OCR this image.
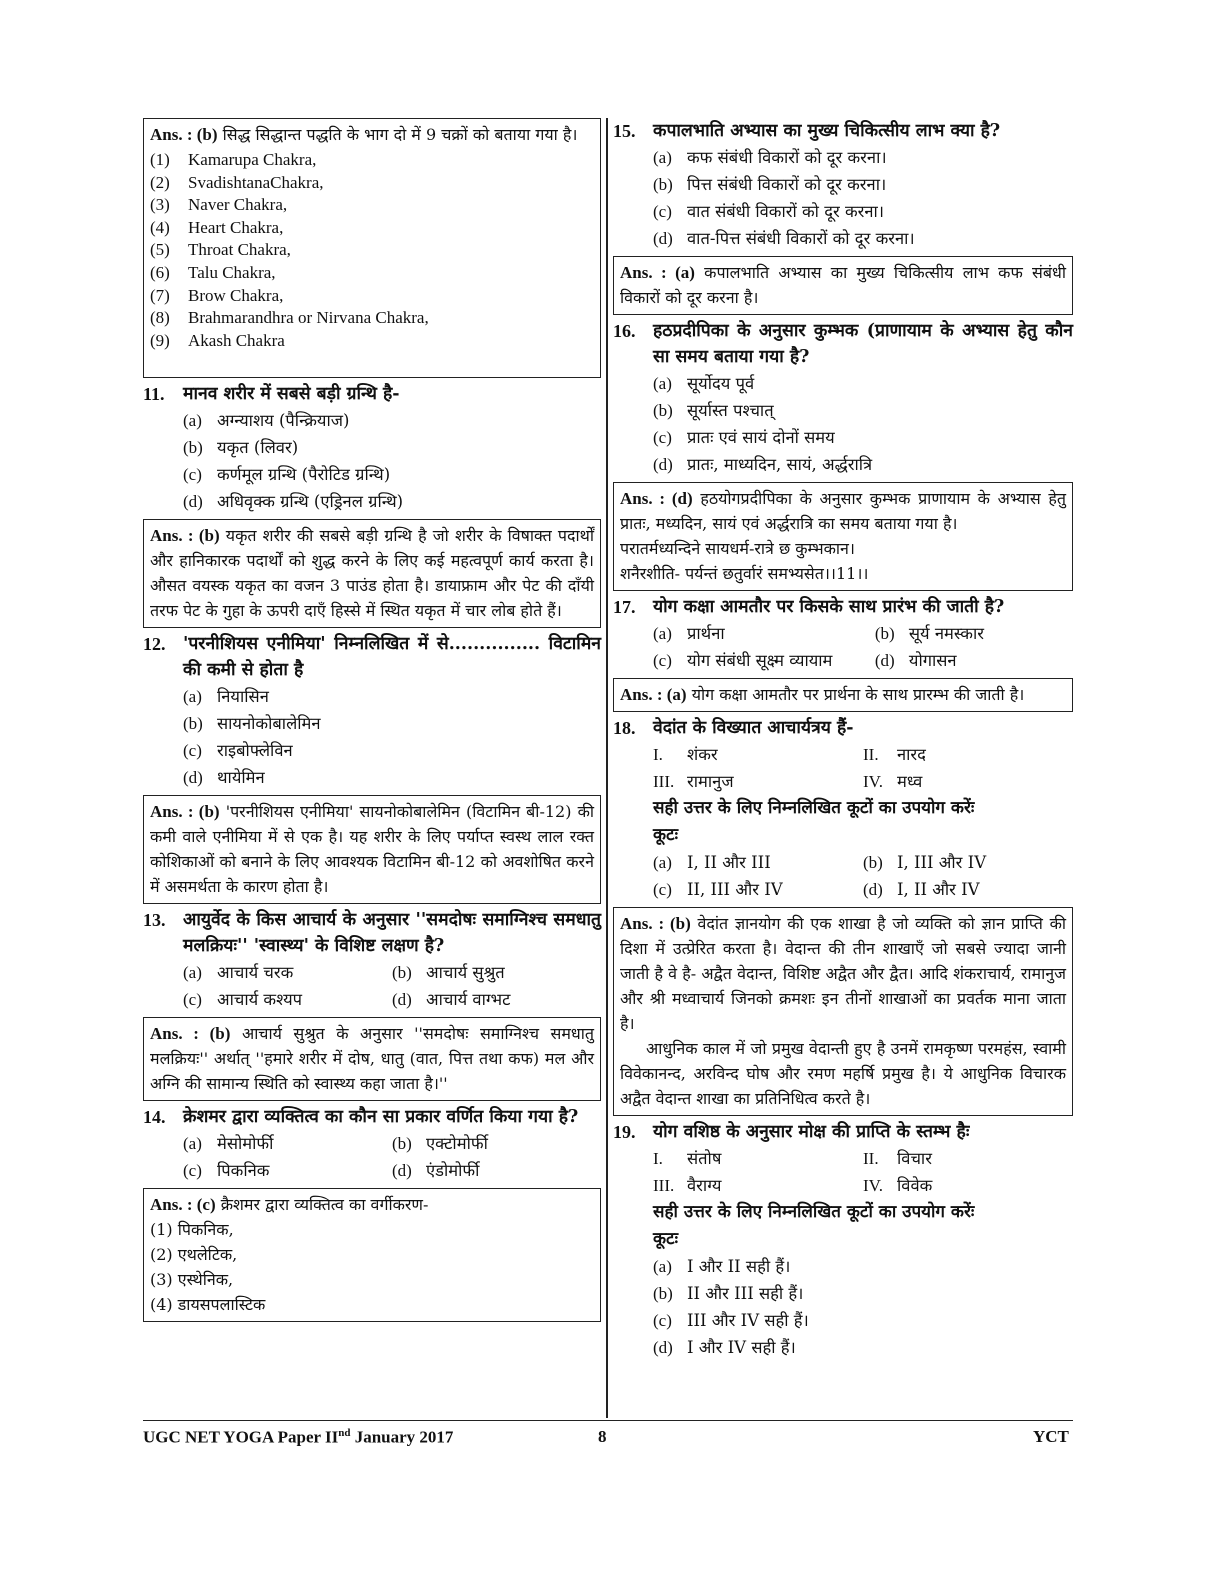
Ans. : (b) सिद्ध सिद्धान्त पद्धति के भाग दो में 9 चक्रों को बताया गया है।
(1)	Kamarupa Chakra,
(2)	SvadishtanaChakra,
(3)	Naver Chakra,
(4)	Heart Chakra,
(5)	Throat Chakra,
(6)	Talu Chakra,
(7)	Brow Chakra,
(8)	Brahmarandhra or Nirvana Chakra,
(9)	Akash Chakra
11.	मानव शरीर में सबसे बड़ी ग्रन्थि है-
(a) अग्न्याशय (पैन्क्रियाज)
(b) यकृत (लिवर)
(c) कर्णमूल ग्रन्थि (पैरोटिड ग्रन्थि)
(d) अधिवृक्क ग्रन्थि (एड्रिनल ग्रन्थि)
Ans. : (b) यकृत शरीर की सबसे बड़ी ग्रन्थि है जो शरीर के विषाक्त पदार्थों और हानिकारक पदार्थों को शुद्ध करने के लिए कई महत्वपूर्ण कार्य करता है। औसत वयस्क यकृत का वजन 3 पाउंड होता है। डायाफ्राम और पेट की दाँयी तरफ पेट के गुहा के ऊपरी दाएँ हिस्से में स्थित यकृत में चार लोब होते हैं।
12.	'परनीशियस एनीमिया' निम्नलिखित में से............... विटामिन की कमी से होता है
(a) नियासिन
(b) सायनोकोबालेमिन
(c) राइबोफ्लेविन
(d) थायेमिन
Ans. : (b) 'परनीशियस एनीमिया' सायनोकोबालेमिन (विटामिन बी-12) की कमी वाले एनीमिया में से एक है। यह शरीर के लिए पर्याप्त स्वस्थ लाल रक्त कोशिकाओं को बनाने के लिए आवश्यक विटामिन बी-12 को अवशोषित करने में असमर्थता के कारण होता है।
13.	आयुर्वेद के किस आचार्य के अनुसार ''समदोषः समाग्निश्च समधातु मलक्रियः'' 'स्वास्थ्य' के विशिष्ट लक्षण है?
(a) आचार्य चरक	(b) आचार्य सुश्रुत
(c) आचार्य कश्यप	(d) आचार्य वाग्भट
Ans. : (b) आचार्य सुश्रुत के अनुसार ''समदोषः समाग्निश्च समधातु मलक्रियः'' अर्थात् ''हमारे शरीर में दोष, धातु (वात, पित्त तथा कफ) मल और अग्नि की सामान्य स्थिति को स्वास्थ्य कहा जाता है।''
14.	क्रेशमर द्वारा व्यक्तित्व का कौन सा प्रकार वर्णित किया गया है?
(a) मेसोमोर्फी	(b) एक्टोमोर्फी
(c) पिकनिक	(d) एंडोमोर्फी
Ans. : (c) क्रैशमर द्वारा व्यक्तित्व का वर्गीकरण-
(1) पिकनिक,
(2) एथलेटिक,
(3) एस्थेनिक,
(4) डायसपलास्टिक
15.	कपालभाति अभ्यास का मुख्य चिकित्सीय लाभ क्या है?
(a) कफ संबंधी विकारों को दूर करना।
(b) पित्त संबंधी विकारों को दूर करना।
(c) वात संबंधी विकारों को दूर करना।
(d) वात-पित्त संबंधी विकारों को दूर करना।
Ans. : (a) कपालभाति अभ्यास का मुख्य चिकित्सीय लाभ कफ संबंधी विकारों को दूर करना है।
16.	हठप्रदीपिका के अनुसार कुम्भक (प्राणायाम के अभ्यास हेतु कौन सा समय बताया गया है?
(a) सूर्योदय पूर्व
(b) सूर्यास्त पश्चात्
(c) प्रातः एवं सायं दोनों समय
(d) प्रातः, माध्यदिन, सायं, अर्द्धरात्रि
Ans. : (d) हठयोगप्रदीपिका के अनुसार कुम्भक प्राणायाम के अभ्यास हेतु प्रातः, मध्यदिन, सायं एवं अर्द्धरात्रि का समय बताया गया है।
परातर्मध्यन्दिने सायधर्म-रात्रे छ कुम्भकान।
शनैरशीति- पर्यन्तं छतुर्वारं समभ्यसेत।।11।।
17.	योग कक्षा आमतौर पर किसके साथ प्रारंभ की जाती है?
(a) प्रार्थना	(b) सूर्य नमस्कार
(c) योग संबंधी सूक्ष्म व्यायाम (d) योगासन
Ans. : (a) योग कक्षा आमतौर पर प्रार्थना के साथ प्रारम्भ की जाती है।
18.	वेदांत के विख्यात आचार्यत्रय हैं-
I.	शंकर	II.	नारद
III. रामानुज	IV. मध्व
सही उत्तर के लिए निम्नलिखित कूटों का उपयोग करेंः
कूटः
(a) I, II और III	(b) I, III और IV
(c) II, III और IV	(d) I, II और IV
Ans. : (b) वेदांत ज्ञानयोग की एक शाखा है जो व्यक्ति को ज्ञान प्राप्ति की दिशा में उत्प्रेरित करता है। वेदान्त की तीन शाखाएँ जो सबसे ज्यादा जानी जाती है वे है- अद्वैत वेदान्त, विशिष्ट अद्वैत और द्वैत। आदि शंकराचार्य, रामानुज और श्री मध्वाचार्य जिनको क्रमशः इन तीनों शाखाओं का प्रवर्तक माना जाता है।
आधुनिक काल में जो प्रमुख वेदान्ती हुए है उनमें रामकृष्ण परमहंस, स्वामी विवेकानन्द, अरविन्द घोष और रमण महर्षि प्रमुख है। ये आधुनिक विचारक अद्वैत वेदान्त शाखा का प्रतिनिधित्व करते है।
19.	योग वशिष्ठ के अनुसार मोक्ष की प्राप्ति के स्तम्भ हैः
I.	संतोष	II.	विचार
III. वैराग्य	IV. विवेक
सही उत्तर के लिए निम्नलिखित कूटों का उपयोग करेंः
कूटः
(a) I और II सही हैं।
(b) II और III सही हैं।
(c) III और IV सही हैं।
(d) I और IV सही हैं।
UGC NET YOGA Paper IInd January 2017	8	YCT
